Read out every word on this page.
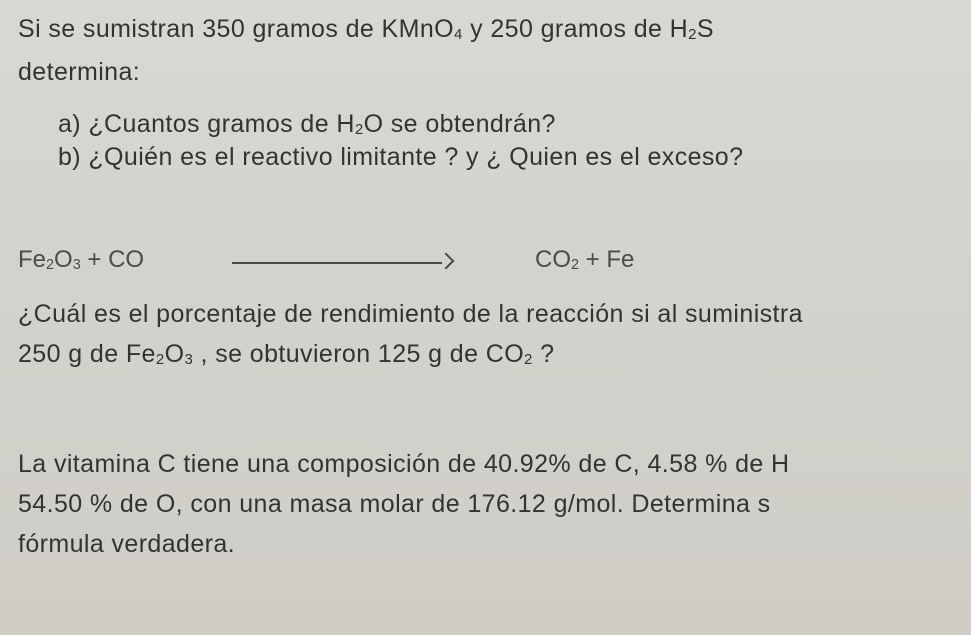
Si se sumistran 350 gramos de KMnO$_4$ y 250 gramos de $H_2S$
determina:
a) ¿Cuantos gramos de $H_2O$ se obtendrán?
b) ¿Quién es el reactivo limitante ? y ¿ Quien es el exceso?
$Fe_2O_3$ + CO	$CO_2 + Fe$
¿Cuál es el porcentaje de rendimiento de la reacción si al suministra
250 g de $Fe_2O_3$ , se obtuvieron 125 g de $CO_2$ ?
La vitamina C tiene una composición de 40.92% de C, 4.58 % de H
54.50 % de O, con una masa molar de 176.12 g/mol. Determina s
fórmula verdadera.
